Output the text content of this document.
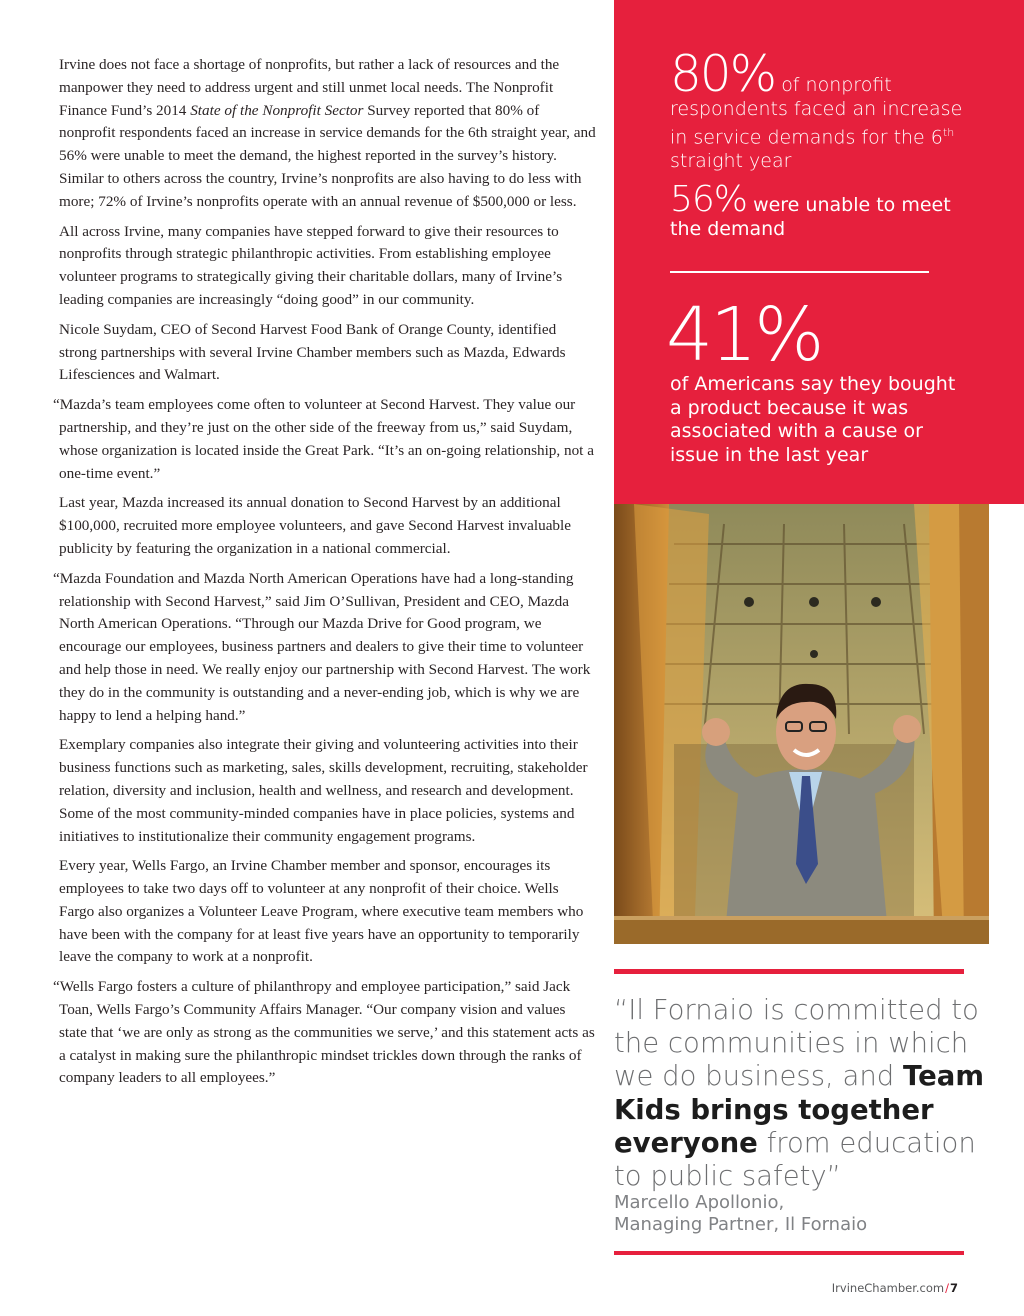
Irvine does not face a shortage of nonprofits, but rather a lack of resources and the manpower they need to address urgent and still unmet local needs. The Nonprofit Finance Fund’s 2014 State of the Nonprofit Sector Survey reported that 80% of nonprofit respondents faced an increase in service demands for the 6th straight year, and 56% were unable to meet the demand, the highest reported in the survey’s history. Similar to others across the country, Irvine’s nonprofits are also having to do less with more; 72% of Irvine’s nonprofits operate with an annual revenue of $500,000 or less.

All across Irvine, many companies have stepped forward to give their resources to nonprofits through strategic philanthropic activities. From establishing employee volunteer programs to strategically giving their charitable dollars, many of Irvine’s leading companies are increasingly “doing good” in our community.

Nicole Suydam, CEO of Second Harvest Food Bank of Orange County, identified strong partnerships with several Irvine Chamber members such as Mazda, Edwards Lifesciences and Walmart.

“Mazda’s team employees come often to volunteer at Second Harvest. They value our partnership, and they’re just on the other side of the freeway from us,” said Suydam, whose organization is located inside the Great Park. “It’s an on-going relationship, not a one-time event.”

Last year, Mazda increased its annual donation to Second Harvest by an additional $100,000, recruited more employee volunteers, and gave Second Harvest invaluable publicity by featuring the organization in a national commercial.

“Mazda Foundation and Mazda North American Operations have had a long-standing relationship with Second Harvest,” said Jim O’Sullivan, President and CEO, Mazda North American Operations. “Through our Mazda Drive for Good program, we encourage our employees, business partners and dealers to give their time to volunteer and help those in need. We really enjoy our partnership with Second Harvest. The work they do in the community is outstanding and a never-ending job, which is why we are happy to lend a helping hand.”

Exemplary companies also integrate their giving and volunteering activities into their business functions such as marketing, sales, skills development, recruiting, stakeholder relation, diversity and inclusion, health and wellness, and research and development. Some of the most community-minded companies have in place policies, systems and initiatives to institutionalize their community engagement programs.

Every year, Wells Fargo, an Irvine Chamber member and sponsor, encourages its employees to take two days off to volunteer at any nonprofit of their choice. Wells Fargo also organizes a Volunteer Leave Program, where executive team members who have been with the company for at least five years have an opportunity to temporarily leave the company to work at a nonprofit.

“Wells Fargo fosters a culture of philanthropy and employee participation,” said Jack Toan, Wells Fargo’s Community Affairs Manager. “Our company vision and values state that ‘we are only as strong as the communities we serve,’ and this statement acts as a catalyst in making sure the philanthropic mindset trickles down through the ranks of company leaders to all employees.”

80% of nonprofit respondents faced an increase in service demands for the 6th straight year
56% were unable to meet the demand
41%
of Americans say they bought a product because it was associated with a cause or issue in the last year
“Il Fornaio is committed to the communities in which we do business, and Team Kids brings together everyone from education to public safety”
Marcello Apollonio,
Managing Partner, Il Fornaio
IrvineChamber.com/7
